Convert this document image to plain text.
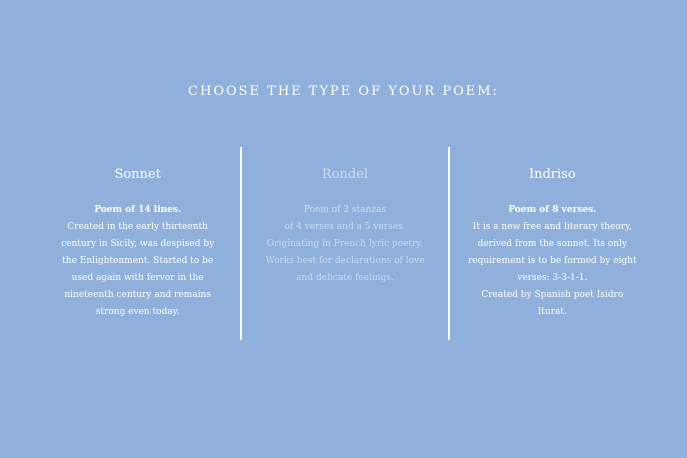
CHOOSE THE TYPE OF YOUR POEM:
Sonnet
Poem of 14 lines.
Created in the early thirteenth
century in Sicily, was despised by
the Enlightenment. Started to be
used again with fervor in the
nineteenth century and remains
strong even today.
Rondel
Poem of 2 stanzas
of 4 verses and a 5 verses.
Originating in French lyric poetry.
Works best for declarations of love
and delicate feelings.
Indriso
Poem of 8 verses.
It is a new free and literary theory,
derived from the sonnet. Its only
requirement is to be formed by eight
verses: 3-3-1-1.
Created by Spanish poet Isidro
Iturat.
